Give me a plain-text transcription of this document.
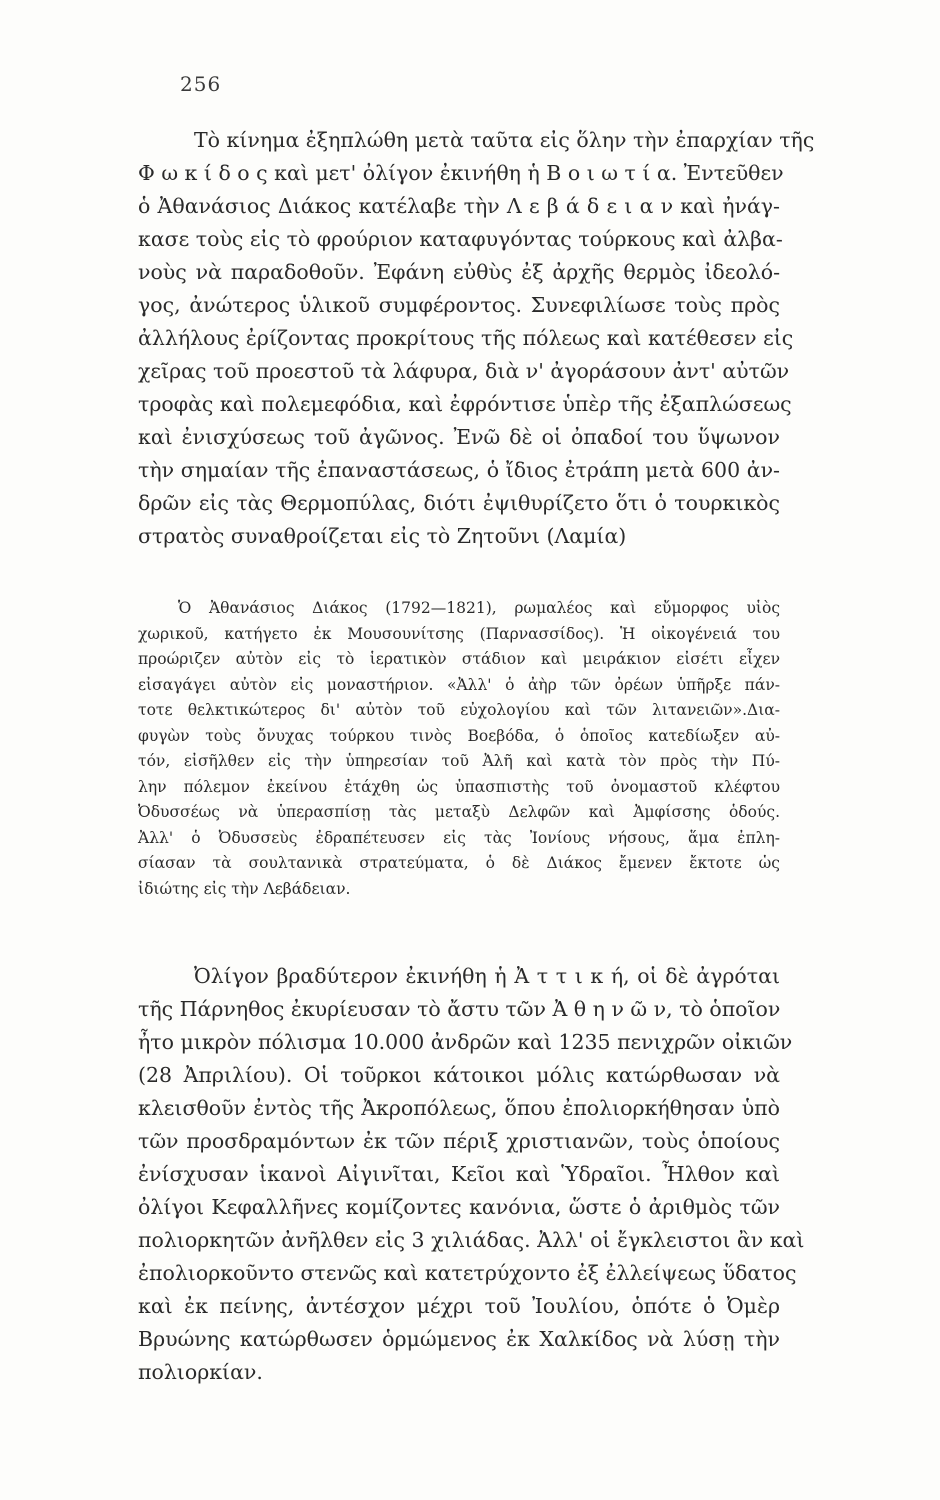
256
Τὸ κίνημα ἐξηπλώθη μετὰ ταῦτα εἰς ὅλην τὴν ἐπαρχίαν τῆς
Φ ω κ ί δ ο ς καὶ μετ' ὀλίγον ἐκινήθη ἡ Β ο ι ω τ ί α. Ἐντεῦθεν
ὁ Ἀθανάσιος Διάκος κατέλαβε τὴν Λ ε β ά δ ε ι α ν καὶ ἠνάγ-
κασε τοὺς εἰς τὸ φρούριον καταφυγόντας τούρκους καὶ ἀλβα-
νοὺς νὰ παραδοθοῦν. Ἐφάνη εὐθὺς ἐξ ἀρχῆς θερμὸς ἰδεολό-
γος, ἀνώτερος ὑλικοῦ συμφέροντος. Συνεφιλίωσε τοὺς πρὸς
ἀλλήλους ἐρίζοντας προκρίτους τῆς πόλεως καὶ κατέθεσεν εἰς
χεῖρας τοῦ προεστοῦ τὰ λάφυρα, διὰ ν' ἀγοράσουν ἀντ' αὐτῶν
τροφὰς καὶ πολεμεφόδια, καὶ ἐφρόντισε ὑπὲρ τῆς ἐξαπλώσεως
καὶ ἐνισχύσεως τοῦ ἀγῶνος. Ἐνῶ δὲ οἱ ὀπαδοί του ὕψωνον
τὴν σημαίαν τῆς ἐπαναστάσεως, ὁ ἴδιος ἐτράπη μετὰ 600 ἀν-
δρῶν εἰς τὰς Θερμοπύλας, διότι ἐψιθυρίζετο ὅτι ὁ τουρκικὸς
στρατὸς συναθροίζεται εἰς τὸ Ζητοῦνι (Λαμία)
Ὁ Ἀθανάσιος Διάκος (1792—1821), ρωμαλέος καὶ εὔμορφος υἱὸς
χωρικοῦ, κατήγετο ἐκ Μουσουνίτσης (Παρνασσίδος). Ἡ οἰκογένειά του
προώριζεν αὐτὸν εἰς τὸ ἱερατικὸν στάδιον καὶ μειράκιον εἰσέτι εἶχεν
εἰσαγάγει αὐτὸν εἰς μοναστήριον. «Ἀλλ' ὁ ἀὴρ τῶν ὀρέων ὑπῆρξε πάν-
τοτε θελκτικώτερος δι' αὐτὸν τοῦ εὐχολογίου καὶ τῶν λιτανειῶν».Δια-
φυγὼν τοὺς ὄνυχας τούρκου τινὸς Βοεβόδα, ὁ ὁποῖος κατεδίωξεν αὐ-
τόν, εἰσῆλθεν εἰς τὴν ὑπηρεσίαν τοῦ Ἀλῆ καὶ κατὰ τὸν πρὸς τὴν Πύ-
λην πόλεμον ἐκείνου ἐτάχθη ὡς ὑπασπιστὴς τοῦ ὀνομαστοῦ κλέφτου
Ὀδυσσέως νὰ ὑπερασπίσῃ τὰς μεταξὺ Δελφῶν καὶ Ἀμφίσσης ὁδούς.
Ἀλλ' ὁ Ὀδυσσεὺς ἐδραπέτευσεν εἰς τὰς Ἰονίους νήσους, ἅμα ἐπλη-
σίασαν τὰ σουλτανικὰ στρατεύματα, ὁ δὲ Διάκος ἔμενεν ἔκτοτε ὡς
ἰδιώτης εἰς τὴν Λεβάδειαν.
Ὀλίγον βραδύτερον ἐκινήθη ἡ Ἀ τ τ ι κ ή, οἱ δὲ ἀγρόται
τῆς Πάρνηθος ἐκυρίευσαν τὸ ἄστυ τῶν Ἀ θ η ν ῶ ν, τὸ ὁποῖον
ἦτο μικρὸν πόλισμα 10.000 ἀνδρῶν καὶ 1235 πενιχρῶν οἰκιῶν
(28 Ἀπριλίου). Οἱ τοῦρκοι κάτοικοι μόλις κατώρθωσαν νὰ
κλεισθοῦν ἐντὸς τῆς Ἀκροπόλεως, ὅπου ἐπολιορκήθησαν ὑπὸ
τῶν προσδραμόντων ἐκ τῶν πέριξ χριστιανῶν, τοὺς ὁποίους
ἐνίσχυσαν ἱκανοὶ Αἰγινῖται, Κεῖοι καὶ Ὑδραῖοι. Ἦλθον καὶ
ὀλίγοι Κεφαλλῆνες κομίζοντες κανόνια, ὥστε ὁ ἀριθμὸς τῶν
πολιορκητῶν ἀνῆλθεν εἰς 3 χιλιάδας. Ἀλλ' οἱ ἔγκλειστοι ἂν καὶ
ἐπολιορκοῦντο στενῶς καὶ κατετρύχοντο ἐξ ἐλλείψεως ὕδατος
καὶ ἐκ πείνης, ἀντέσχον μέχρι τοῦ Ἰουλίου, ὁπότε ὁ Ὀμὲρ
Βρυώνης κατώρθωσεν ὁρμώμενος ἐκ Χαλκίδος νὰ λύσῃ τὴν
πολιορκίαν.
